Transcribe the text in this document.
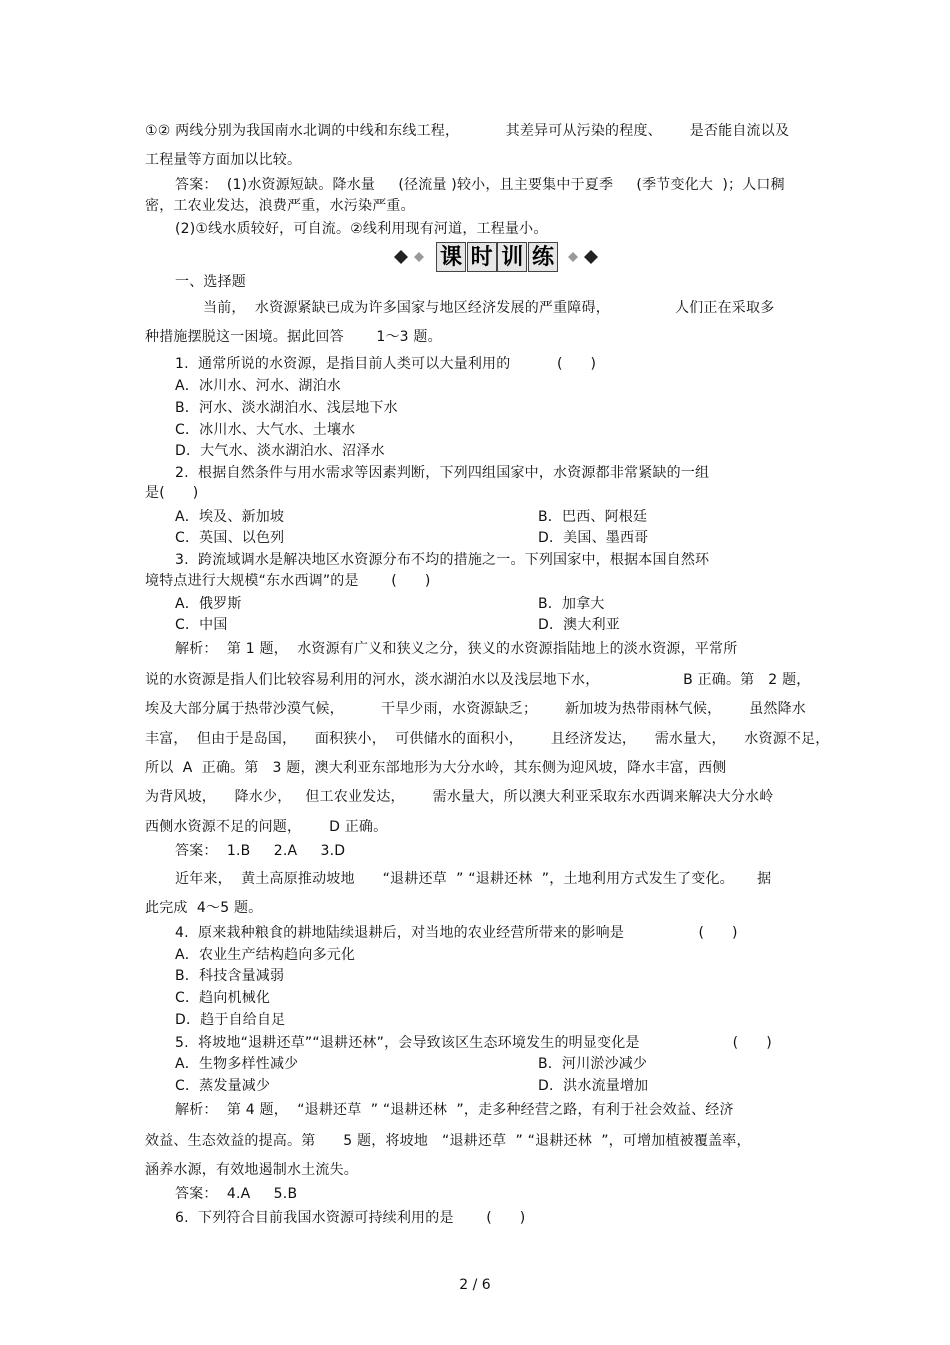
①② 两线分别为我国南水北调的中线和东线工程，          其差异可从污染的程度、      是否能自流以及
工程量等方面加以比较。
答案：  (1)水资源短缺。降水量     (径流量 )较小，且主要集中于夏季     (季节变化大  )；人口稠
密，工农业发达，浪费严重，水污染严重。
(2)①线水质较好，可自流。②线利用现有河道，工程量小。
课 时 训 练
一、选择题
当前，  水资源紧缺已成为许多国家与地区经济发展的严重障碍，              人们正在采取多
种措施摆脱这一困境。据此回答       1～3 题。
1.  通常所说的水资源，是指目前人类可以大量利用的          (      )
A．冰川水、河水、湖泊水
B．河水、淡水湖泊水、浅层地下水
C．冰川水、大气水、土壤水
D．大气水、淡水湖泊水、沼泽水
2.  根据自然条件与用水需求等因素判断，下列四组国家中，水资源都非常紧缺的一组
是(      )
A．埃及、新加坡	B．巴西、阿根廷
C．英国、以色列	D．美国、墨西哥
3.  跨流域调水是解决地区水资源分布不均的措施之一。下列国家中，根据本国自然环
境特点进行大规模“东水西调”的是       (      )
A．俄罗斯	B．加拿大
C．中国	D．澳大利亚
解析：  第 1 题，  水资源有广义和狭义之分，狭义的水资源指陆地上的淡水资源，平常所
说的水资源是指人们比较容易利用的河水，淡水湖泊水以及浅层地下水，                  B 正确。第   2 题，
埃及大部分属于热带沙漠气候，        干旱少雨，水资源缺乏；      新加坡为热带雨林气候，      虽然降水
丰富，  但由于是岛国，    面积狭小，  可供储水的面积小，      且经济发达，    需水量大，    水资源不足，
所以  A  正确。第   3 题，澳大利亚东部地形为大分水岭，其东侧为迎风坡，降水丰富，西侧
为背风坡，    降水少，   但工农业发达，      需水量大，所以澳大利亚采取东水西调来解决大分水岭
西侧水资源不足的问题，      D 正确。
答案：  1.B     2.A     3.D
近年来，  黄土高原推动坡地      “退耕还草  ” “退耕还林  ”，土地利用方式发生了变化。     据
此完成  4～5 题。
4.  原来栽种粮食的耕地陆续退耕后，对当地的农业经营所带来的影响是                (      )
A．农业生产结构趋向多元化
B．科技含量减弱
C．趋向机械化
D．趋于自给自足
5.  将坡地“退耕还草”“退耕还林”，会导致该区生态环境发生的明显变化是                    (      )
A．生物多样性减少	B．河川淤沙减少
C．蒸发量减少	D．洪水流量增加
解析：  第 4 题，  “退耕还草  ” “退耕还林  ”，走多种经营之路，有利于社会效益、经济
效益、生态效益的提高。第      5 题，将坡地   “退耕还草  ” “退耕还林  ”，可增加植被覆盖率，
涵养水源，有效地遏制水土流失。
答案：  4.A     5.B
6.  下列符合目前我国水资源可持续利用的是       (      )
2 / 6
